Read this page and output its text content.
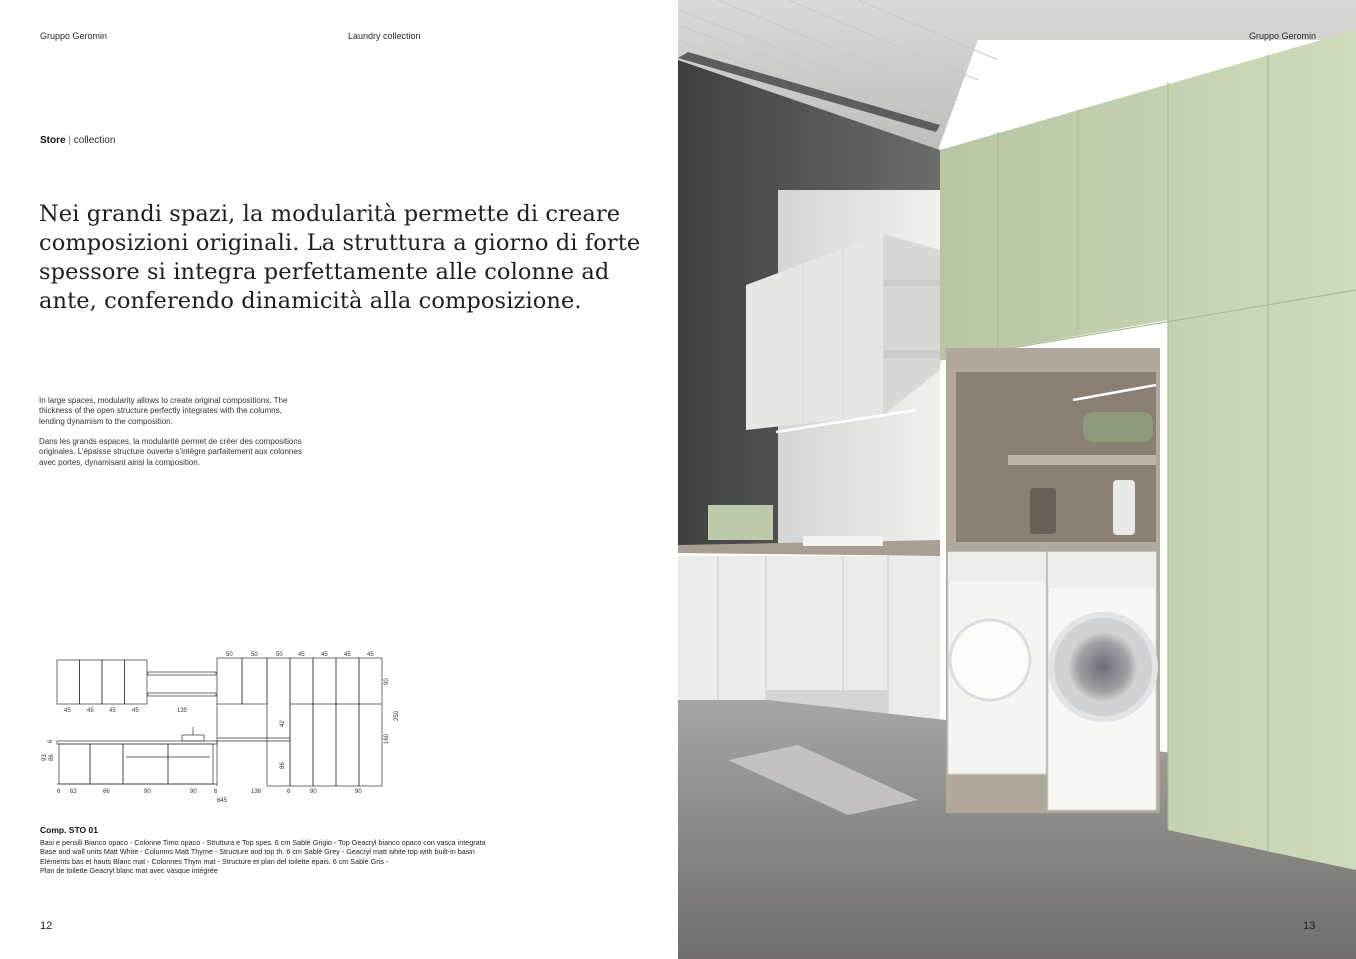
Gruppo Geromin	Laundry collection
Store | collection

Nei grandi spazi, la modularità permette di creare composizioni originali. La struttura a giorno di forte spessore si integra perfettamente alle colonne ad ante, conferendo dinamicità alla composizione.

In large spaces, modularity allows to create original compositions. The thickness of the open structure perfectly integrates with the columns, lending dynamism to the composition.

Dans les grands espaces, la modularité permet de créer des compositions originales. L’épaisse structure ouverte s’intègre parfaitement aux colonnes avec portes, dynamisant ainsi la composition.

50	50	50	45	45	45	45
45	45	45	45	135
90
250
42
160
86
93 86
6
6 63	66	90	90	6	138	6	90	90
645
Comp. STO 01
Basi e pensili Bianco opaco - Colonne Timo opaco - Struttura e Top spes. 6 cm Sablè Grigio - Top Geacryl bianco opaco con vasca integrata
Base and wall units Matt White - Columns Matt Thyme - Structure and top th. 6 cm Sablè Grey - Geacryl matt white top with built-in basin
Eléments bas et hauts Blanc mat - Colonnes Thym mat - Structure et plan del toilette épais. 6 cm Sablè Gris -
Plan de toilette Geacryl blanc mat avec vasque intégrée
12
Gruppo Geromin
13
